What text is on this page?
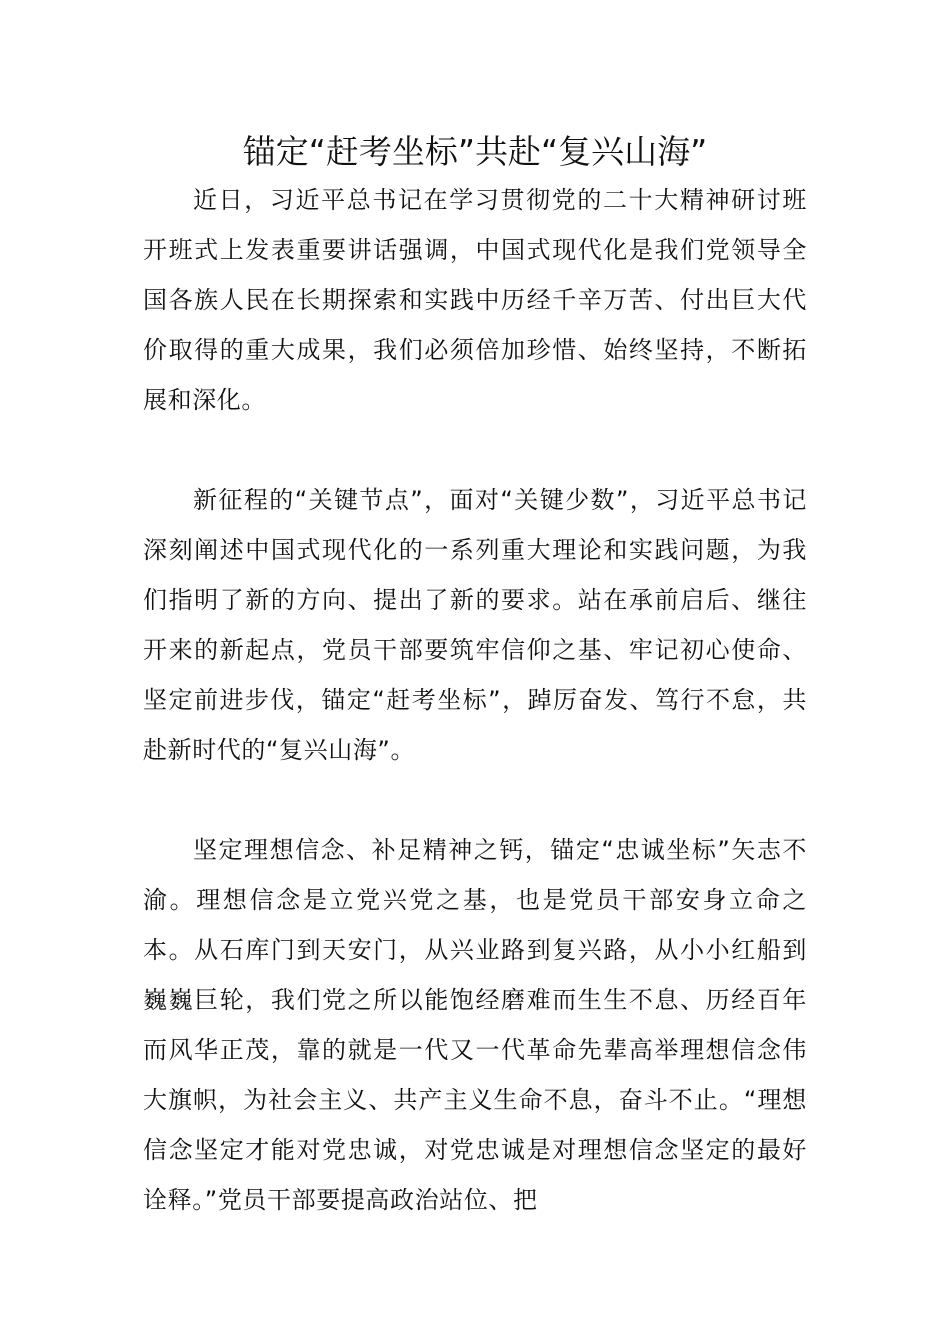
锚定“赶考坐标”共赴“复兴山海”

近日，习近平总书记在学习贯彻党的二十大精神研讨班开班式上发表重要讲话强调，中国式现代化是我们党领导全国各族人民在长期探索和实践中历经千辛万苦、付出巨大代价取得的重大成果，我们必须倍加珍惜、始终坚持，不断拓展和深化。

新征程的“关键节点”，面对“关键少数”，习近平总书记深刻阐述中国式现代化的一系列重大理论和实践问题，为我们指明了新的方向、提出了新的要求。站在承前启后、继往开来的新起点，党员干部要筑牢信仰之基、牢记初心使命、坚定前进步伐，锚定“赶考坐标”，踔厉奋发、笃行不怠，共赴新时代的“复兴山海”。

坚定理想信念、补足精神之钙，锚定“忠诚坐标”矢志不渝。理想信念是立党兴党之基，也是党员干部安身立命之本。从石库门到天安门，从兴业路到复兴路，从小小红船到巍巍巨轮，我们党之所以能饱经磨难而生生不息、历经百年而风华正茂，靠的就是一代又一代革命先辈高举理想信念伟大旗帜，为社会主义、共产主义生命不息，奋斗不止。“理想信念坚定才能对党忠诚，对党忠诚是对理想信念坚定的最好诠释。”党员干部要提高政治站位、把
